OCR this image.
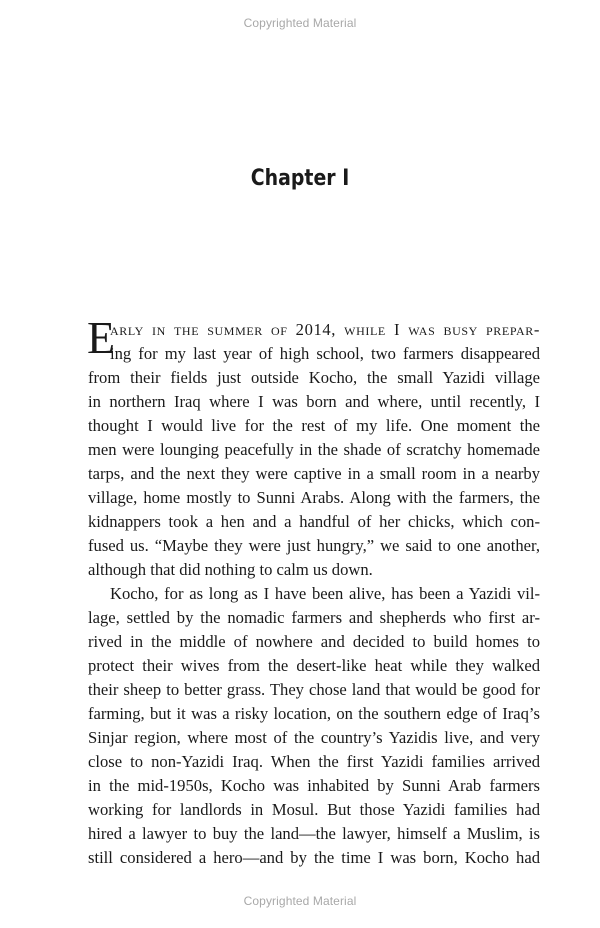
Copyrighted Material
Chapter I
E
arly in the summer of 2014, while I was busy prepar-
ing for my last year of high school, two farmers disappeared
from their fields just outside Kocho, the small Yazidi village
in northern Iraq where I was born and where, until recently, I
thought I would live for the rest of my life. One moment the
men were lounging peacefully in the shade of scratchy homemade
tarps, and the next they were captive in a small room in a nearby
village, home mostly to Sunni Arabs. Along with the farmers, the
kidnappers took a hen and a handful of her chicks, which con-
fused us. “Maybe they were just hungry,” we said to one another,
although that did nothing to calm us down.
Kocho, for as long as I have been alive, has been a Yazidi vil-
lage, settled by the nomadic farmers and shepherds who first ar-
rived in the middle of nowhere and decided to build homes to
protect their wives from the desert-like heat while they walked
their sheep to better grass. They chose land that would be good for
farming, but it was a risky location, on the southern edge of Iraq’s
Sinjar region, where most of the country’s Yazidis live, and very
close to non-Yazidi Iraq. When the first Yazidi families arrived
in the mid-1950s, Kocho was inhabited by Sunni Arab farmers
working for landlords in Mosul. But those Yazidi families had
hired a lawyer to buy the land—the lawyer, himself a Muslim, is
still considered a hero—and by the time I was born, Kocho had
Copyrighted Material
